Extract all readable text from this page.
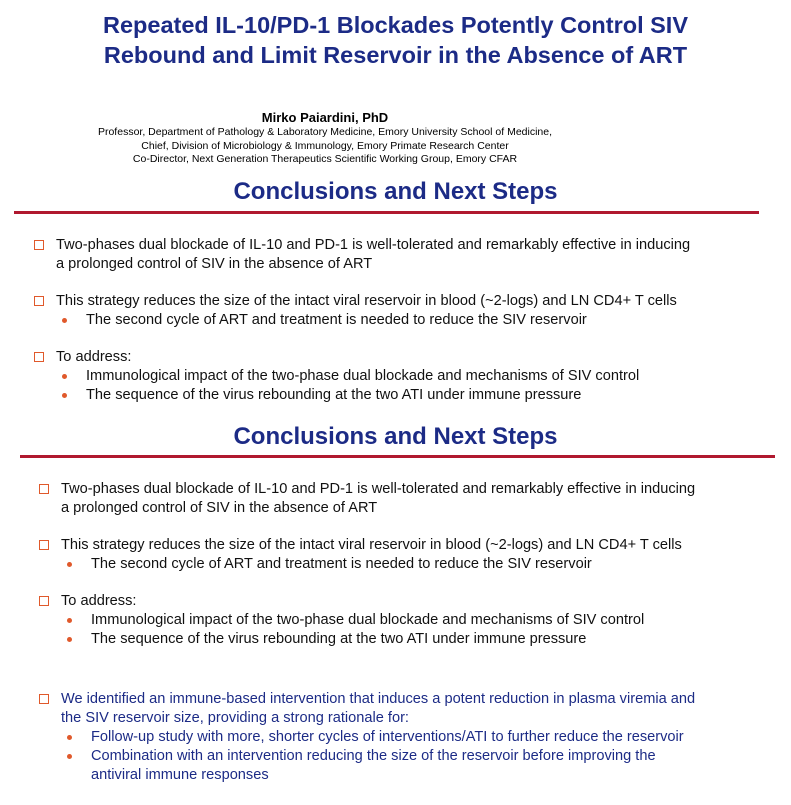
Repeated IL-10/PD-1 Blockades Potently Control SIV
Rebound and Limit Reservoir in the Absence of ART
Mirko Paiardini, PhD
Professor, Department of Pathology & Laboratory Medicine, Emory University School of Medicine,
Chief, Division of Microbiology & Immunology, Emory Primate Research Center
Co-Director, Next Generation Therapeutics Scientific Working Group, Emory CFAR
Conclusions and Next Steps
Two-phases dual blockade of IL-10 and PD-1 is well-tolerated and remarkably effective in inducing
a prolonged control of SIV in the absence of ART
This strategy reduces the size of the intact viral reservoir in blood (~2-logs) and LN CD4+ T cells
The second cycle of ART and treatment is needed to reduce the SIV reservoir
To address:
Immunological impact of the two-phase dual blockade and mechanisms of SIV control
The sequence of the virus rebounding at the two ATI under immune pressure
Conclusions and Next Steps
Two-phases dual blockade of IL-10 and PD-1 is well-tolerated and remarkably effective in inducing
a prolonged control of SIV in the absence of ART
This strategy reduces the size of the intact viral reservoir in blood (~2-logs) and LN CD4+ T cells
The second cycle of ART and treatment is needed to reduce the SIV reservoir
To address:
Immunological impact of the two-phase dual blockade and mechanisms of SIV control
The sequence of the virus rebounding at the two ATI under immune pressure
We identified an immune-based intervention that induces a potent reduction in plasma viremia and
the SIV reservoir size, providing a strong rationale for:
Follow-up study with more, shorter cycles of interventions/ATI to further reduce the reservoir
Combination with an intervention reducing the size of the reservoir before improving the
antiviral immune responses
